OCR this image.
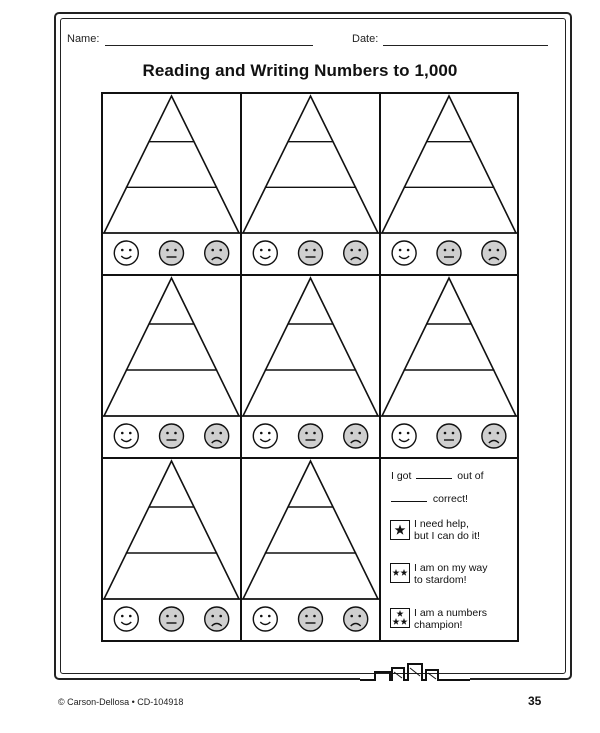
Name:	Date:
Reading and Writing Numbers to 1,000
I got	out of
correct!
I need help,
but I can do it!
I am on my way
to stardom!
I am a numbers
champion!
© Carson-Dellosa • CD-104918	35
